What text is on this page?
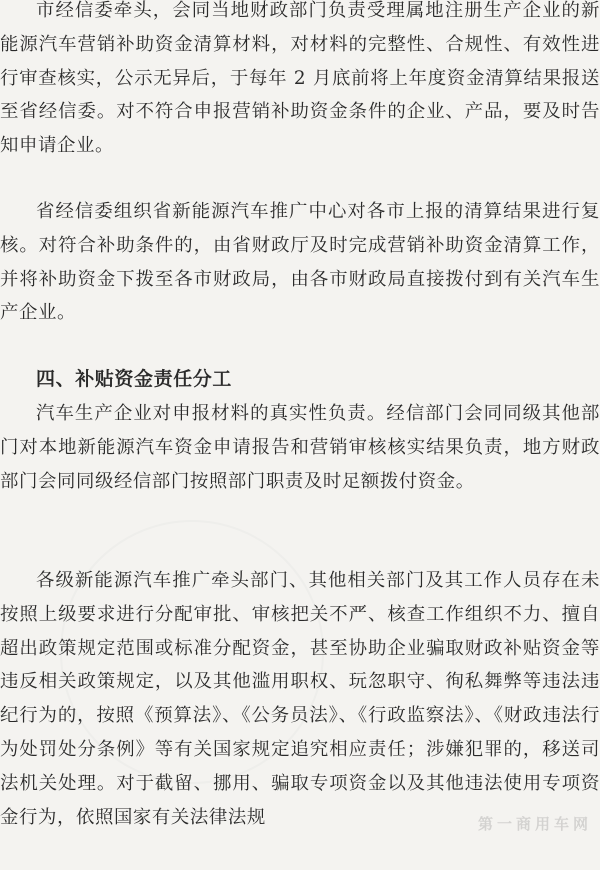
市经信委牵头，会同当地财政部门负责受理属地注册生产企业的新能源汽车营销补助资金清算材料，对材料的完整性、合规性、有效性进行审查核实，公示无异后，于每年 2 月底前将上年度资金清算结果报送至省经信委。对不符合申报营销补助资金条件的企业、产品，要及时告知申请企业。

省经信委组织省新能源汽车推广中心对各市上报的清算结果进行复核。对符合补助条件的，由省财政厅及时完成营销补助资金清算工作，并将补助资金下拨至各市财政局，由各市财政局直接拨付到有关汽车生产企业。

四、补贴资金责任分工

汽车生产企业对申报材料的真实性负责。经信部门会同同级其他部门对本地新能源汽车资金申请报告和营销审核核实结果负责，地方财政部门会同同级经信部门按照部门职责及时足额拨付资金。

各级新能源汽车推广牵头部门、其他相关部门及其工作人员存在未按照上级要求进行分配审批、审核把关不严、核查工作组织不力、擅自超出政策规定范围或标准分配资金，甚至协助企业骗取财政补贴资金等违反相关政策规定，以及其他滥用职权、玩忽职守、徇私舞弊等违法违纪行为的，按照《预算法》、《公务员法》、《行政监察法》、《财政违法行为处罚处分条例》等有关国家规定追究相应责任；涉嫌犯罪的，移送司法机关处理。对于截留、挪用、骗取专项资金以及其他违法使用专项资金行为，依照国家有关法律法规	第一商用车网
